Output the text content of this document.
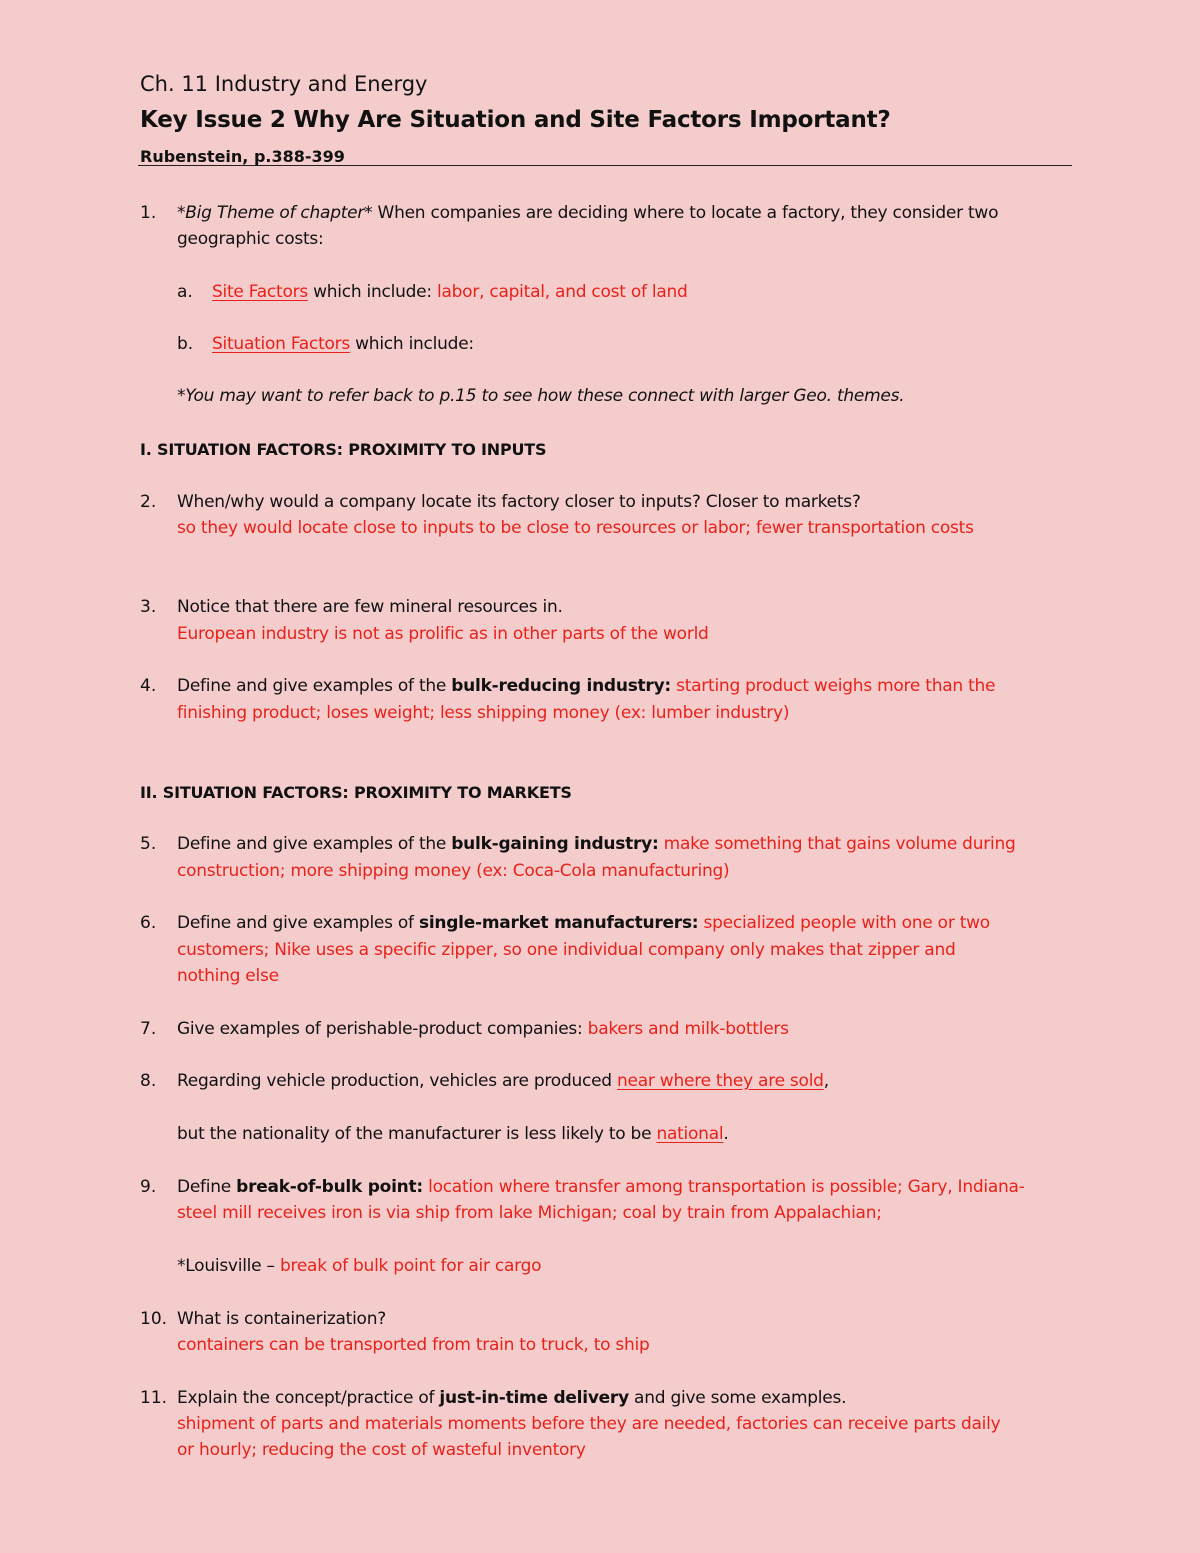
Ch. 11 Industry and Energy
Key Issue 2 Why Are Situation and Site Factors Important?
Rubenstein, p.388-399
1. *Big Theme of chapter* When companies are deciding where to locate a factory, they consider two
geographic costs:
a. Site Factors which include: labor, capital, and cost of land
b. Situation Factors which include:
*You may want to refer back to p.15 to see how these connect with larger Geo. themes.
I. SITUATION FACTORS: PROXIMITY TO INPUTS
2. When/why would a company locate its factory closer to inputs? Closer to markets?
so they would locate close to inputs to be close to resources or labor; fewer transportation costs
3. Notice that there are few mineral resources in.
European industry is not as prolific as in other parts of the world
4. Define and give examples of the bulk-reducing industry: starting product weighs more than the
finishing product; loses weight; less shipping money (ex: lumber industry)
II. SITUATION FACTORS: PROXIMITY TO MARKETS
5. Define and give examples of the bulk-gaining industry: make something that gains volume during
construction; more shipping money (ex: Coca-Cola manufacturing)
6. Define and give examples of single-market manufacturers: specialized people with one or two
customers; Nike uses a specific zipper, so one individual company only makes that zipper and
nothing else
7. Give examples of perishable-product companies: bakers and milk-bottlers
8. Regarding vehicle production, vehicles are produced near where they are sold,
but the nationality of the manufacturer is less likely to be national.
9. Define break-of-bulk point: location where transfer among transportation is possible; Gary, Indiana-
steel mill receives iron is via ship from lake Michigan; coal by train from Appalachian;
*Louisville – break of bulk point for air cargo
10. What is containerization?
containers can be transported from train to truck, to ship
11. Explain the concept/practice of just-in-time delivery and give some examples.
shipment of parts and materials moments before they are needed, factories can receive parts daily
or hourly; reducing the cost of wasteful inventory
